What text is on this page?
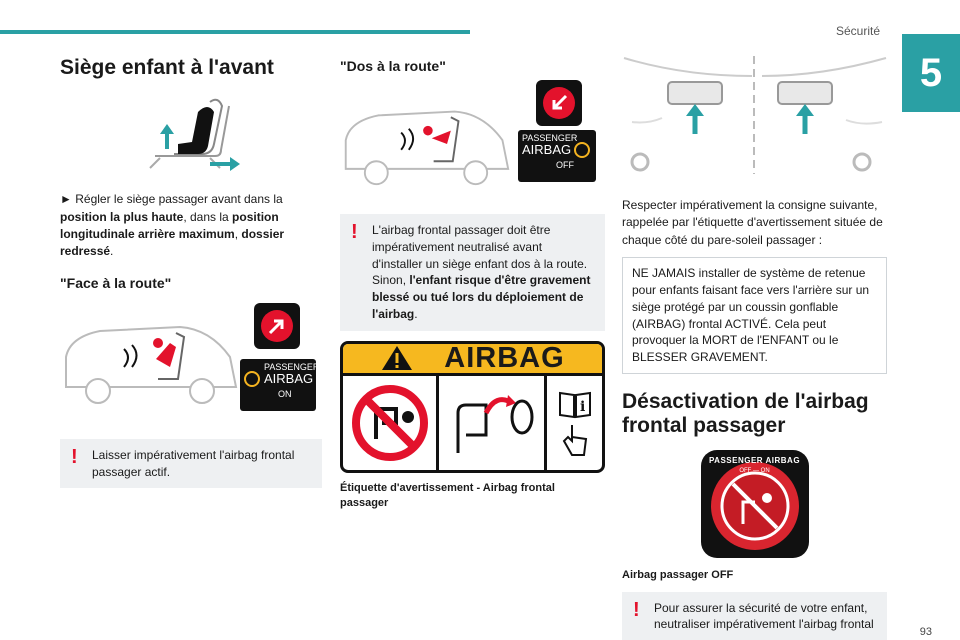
Sécurité
5
93
Siège enfant à l'avant

► Régler le siège passager avant dans la position la plus haute, dans la position longitudinale arrière maximum, dossier redressé.

"Face à la route"
PASSENGER
AIRBAG
ON
! Laisser impérativement l'airbag frontal passager actif.
"Dos à la route"
PASSENGER
AIRBAG
OFF
! L'airbag frontal passager doit être impérativement neutralisé avant d'installer un siège enfant dos à la route. Sinon, l'enfant risque d'être gravement blessé ou tué lors du déploiement de l'airbag.
AIRBAG
i
Étiquette d'avertissement - Airbag frontal passager

Respecter impérativement la consigne suivante, rappelée par l'étiquette d'avertissement située de chaque côté du pare-soleil passager :

NE JAMAIS installer de système de retenue pour enfants faisant face vers l'arrière sur un siège protégé par un coussin gonflable (AIRBAG) frontal ACTIVÉ. Cela peut provoquer la MORT de l'ENFANT ou le BLESSER GRAVEMENT.
Désactivation de l'airbag frontal passager
PASSENGER AIRBAG
OFF — ON
Airbag passager OFF
! Pour assurer la sécurité de votre enfant, neutraliser impérativement l'airbag frontal
